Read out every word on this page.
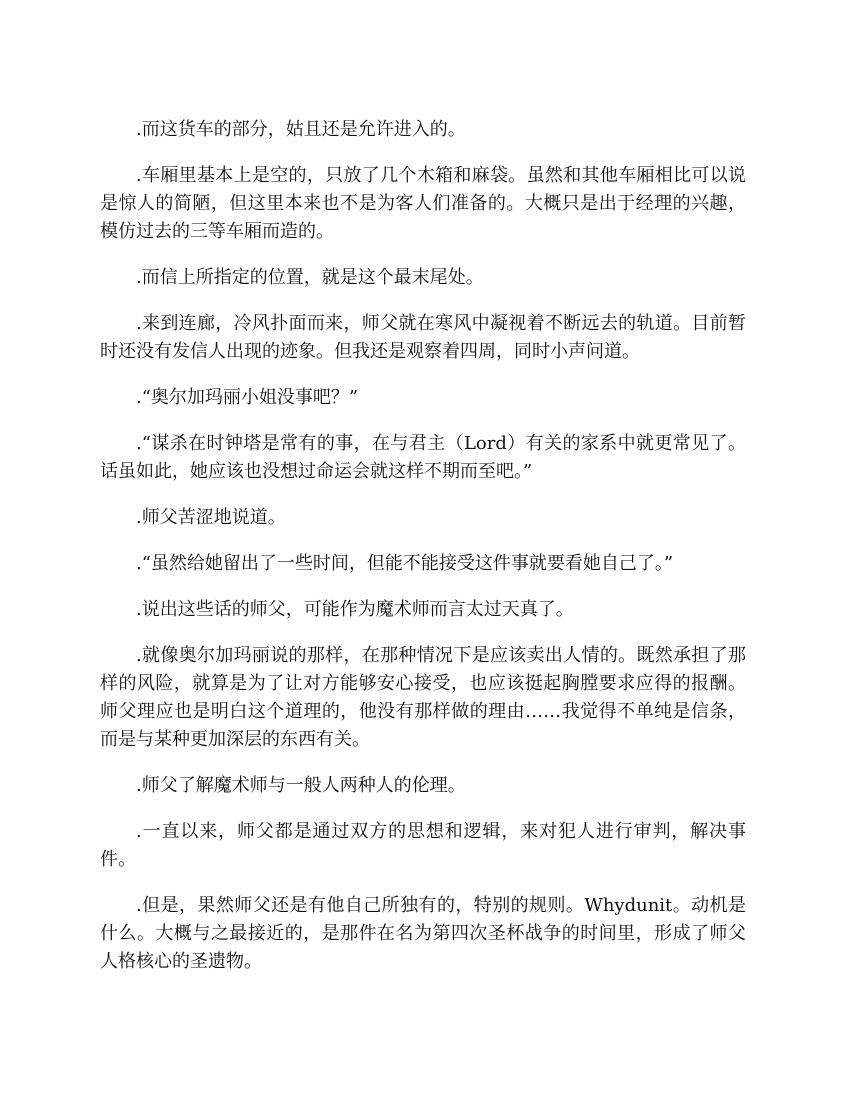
.而这货车的部分，姑且还是允许进入的。

.车厢里基本上是空的，只放了几个木箱和麻袋。虽然和其他车厢相比可以说是惊人的简陋，但这里本来也不是为客人们准备的。大概只是出于经理的兴趣，模仿过去的三等车厢而造的。

.而信上所指定的位置，就是这个最末尾处。

.来到连廊，冷风扑面而来，师父就在寒风中凝视着不断远去的轨道。目前暂时还没有发信人出现的迹象。但我还是观察着四周，同时小声问道。

.“奥尔加玛丽小姐没事吧？”

.“谋杀在时钟塔是常有的事，在与君主（Lord）有关的家系中就更常见了。话虽如此，她应该也没想过命运会就这样不期而至吧。”

.师父苦涩地说道。

.“虽然给她留出了一些时间，但能不能接受这件事就要看她自己了。”

.说出这些话的师父，可能作为魔术师而言太过天真了。

.就像奥尔加玛丽说的那样，在那种情况下是应该卖出人情的。既然承担了那样的风险，就算是为了让对方能够安心接受，也应该挺起胸膛要求应得的报酬。师父理应也是明白这个道理的，他没有那样做的理由……我觉得不单纯是信条，而是与某种更加深层的东西有关。

.师父了解魔术师与一般人两种人的伦理。

.一直以来，师父都是通过双方的思想和逻辑，来对犯人进行审判，解决事件。

.但是，果然师父还是有他自己所独有的，特别的规则。Whydunit。动机是什么。大概与之最接近的，是那件在名为第四次圣杯战争的时间里，形成了师父人格核心的圣遗物。
